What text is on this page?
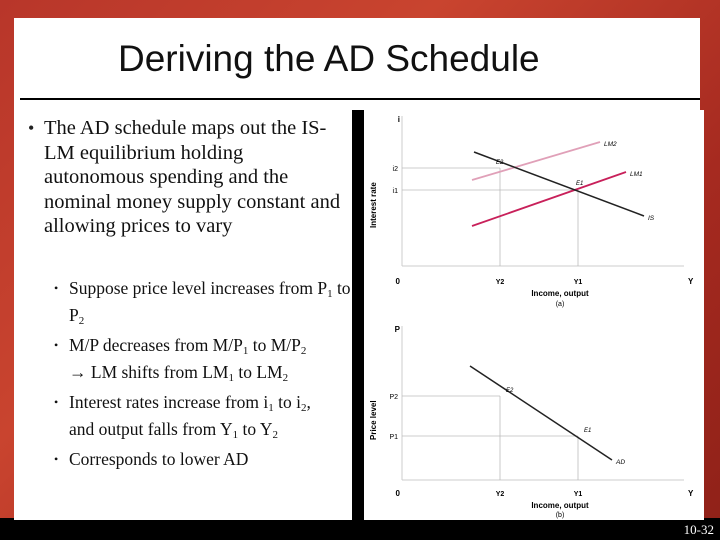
Deriving the AD Schedule
• The AD schedule maps out the IS-LM equilibrium holding autonomous spending and the nominal money supply constant and allowing prices to vary
• Suppose price level increases from $P_1$ to $P_2$
• M/P decreases from $M/P_1$ to $M/P_2$
→ LM shifts from $LM_1$ to $LM_2$
• Interest rates increase from $i_1$ to $i_2$,
and output falls from $Y_1$ to $Y_2$
• Corresponds to lower AD
i
Interest rate
0	Y
Income, output
(a)
LM2
LM1
IS
E2
E1
i2
i1
Y2	Y1
P
Price level
0	Y
Income, output
(b)
AD
E2
E1
P2
P1
Y2	Y1
10-32
